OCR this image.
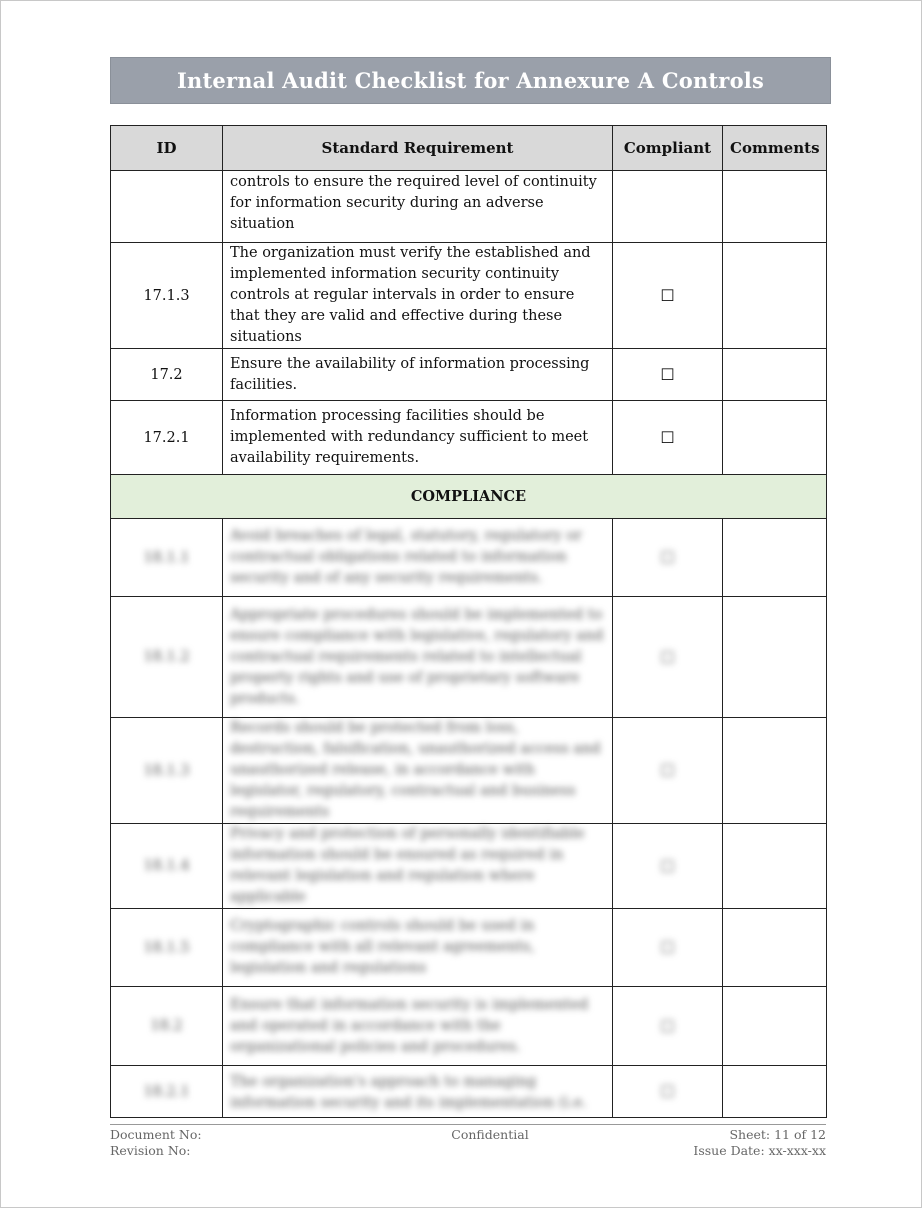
Internal Audit Checklist for Annexure A Controls
ID	Standard Requirement	Compliant	Comments
	controls to ensure the required level of continuity for information security during an adverse situation		
17.1.3	The organization must verify the established and implemented information security continuity controls at regular intervals in order to ensure that they are valid and effective during these situations	☐	
17.2	Ensure the availability of information processing facilities.	☐	
17.2.1	Information processing facilities should be implemented with redundancy sufficient to meet availability requirements.	☐	
COMPLIANCE			
18.1.1	Avoid breaches of legal, statutory, regulatory or contractual obligations related to information security and of any security requirements.	☐	
18.1.2	Appropriate procedures should be implemented to ensure compliance with legislative, regulatory and contractual requirements related to intellectual property rights and use of proprietary software products.	☐	
18.1.3	Records should be protected from loss, destruction, falsification, unauthorized access and unauthorized release, in accordance with legislator, regulatory, contractual and business requirements	☐	
18.1.4	Privacy and protection of personally identifiable information should be ensured as required in relevant legislation and regulation where applicable	☐	
18.1.5	Cryptographic controls should be used in compliance with all relevant agreements, legislation and regulations	☐	
18.2	Ensure that information security is implemented and operated in accordance with the organizational policies and procedures.	☐	
18.2.1	The organization's approach to managing information security and its implementation (i.e.	☐	
Document No:
Revision No:
Confidential	Sheet: 11 of 12
Issue Date: xx-xxx-xx
